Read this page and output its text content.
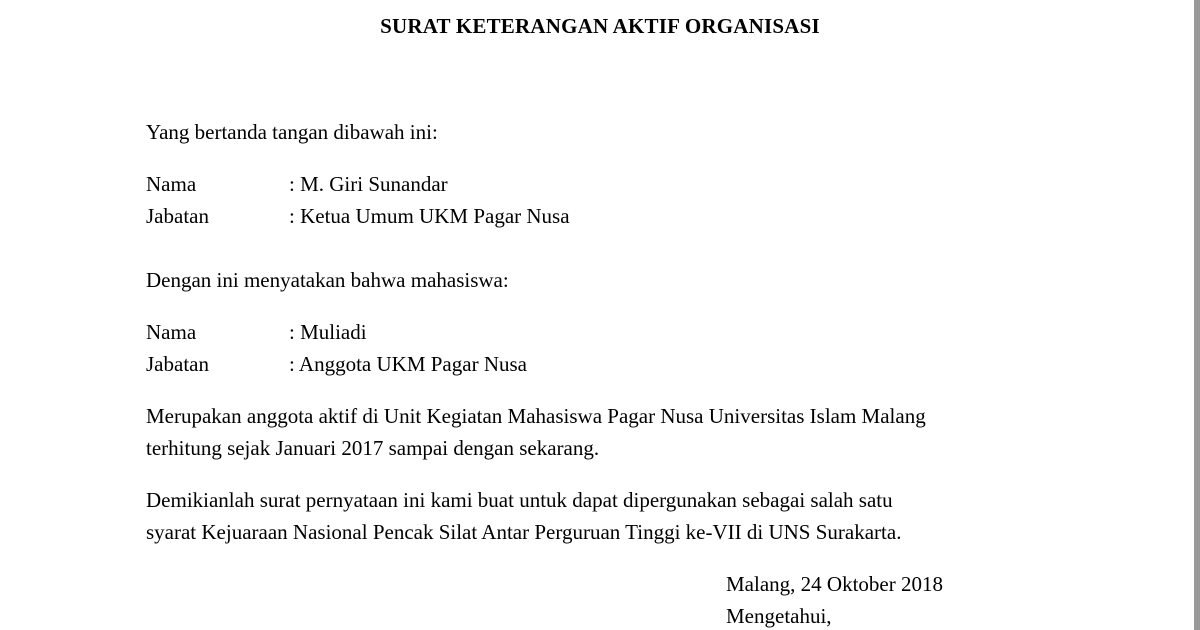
SURAT KETERANGAN AKTIF ORGANISASI
Yang bertanda tangan dibawah ini:
Nama	: M. Giri Sunandar
Jabatan	: Ketua Umum UKM Pagar Nusa
Dengan ini menyatakan bahwa mahasiswa:
Nama	: Muliadi
Jabatan	: Anggota UKM Pagar Nusa
Merupakan anggota aktif di Unit Kegiatan Mahasiswa Pagar Nusa Universitas Islam Malang
terhitung sejak Januari 2017 sampai dengan sekarang.
Demikianlah surat pernyataan ini kami buat untuk dapat dipergunakan sebagai salah satu
syarat Kejuaraan Nasional Pencak Silat Antar Perguruan Tinggi ke-VII di UNS Surakarta.
Malang, 24 Oktober 2018
Mengetahui,
